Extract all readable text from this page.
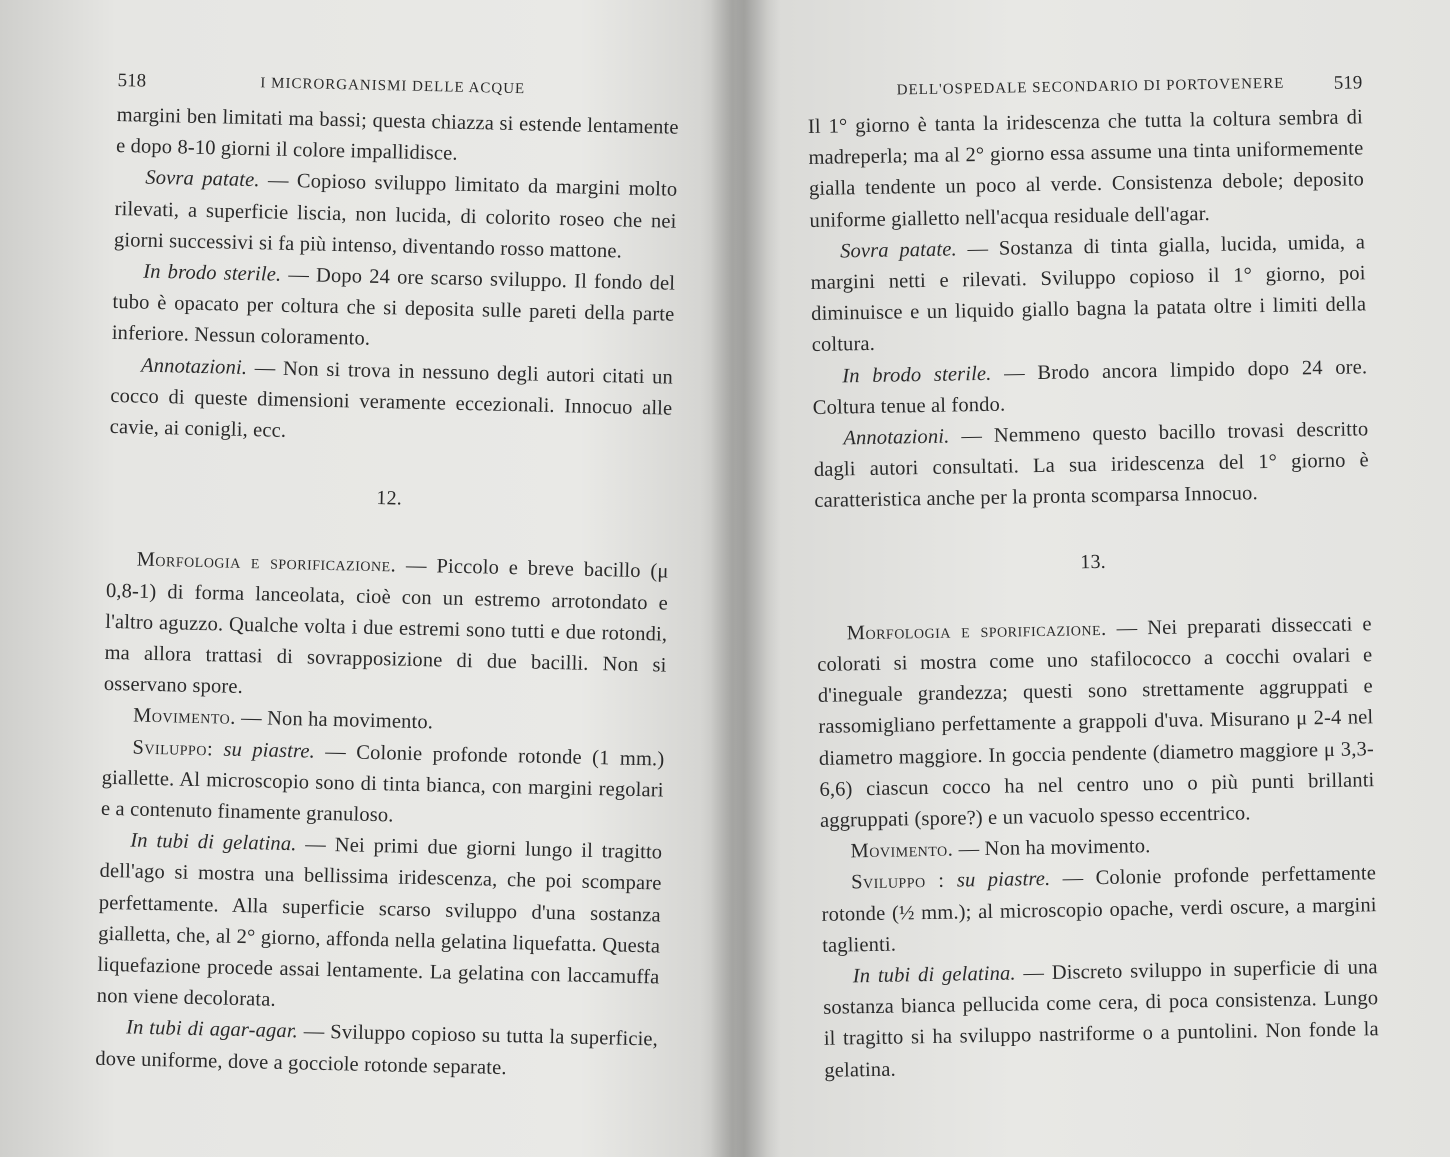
518	I MICRORGANISMI DELLE ACQUE

margini ben limitati ma bassi; questa chiazza si estende lentamente e dopo 8-10 giorni il colore impallidisce.

Sovra patate. — Copioso sviluppo limitato da margini molto rilevati, a superficie liscia, non lucida, di colorito roseo che nei giorni successivi si fa più intenso, diventando rosso mattone.

In brodo sterile. — Dopo 24 ore scarso sviluppo. Il fondo del tubo è opacato per coltura che si deposita sulle pareti della parte inferiore. Nessun coloramento.

Annotazioni. — Non si trova in nessuno degli autori citati un cocco di queste dimensioni veramente eccezionali. Innocuo alle cavie, ai conigli, ecc.

12.

Morfologia e sporificazione. — Piccolo e breve bacillo (μ 0,8-1) di forma lanceolata, cioè con un estremo arrotondato e l'altro aguzzo. Qualche volta i due estremi sono tutti e due rotondi, ma allora trattasi di sovrapposizione di due bacilli. Non si osservano spore.

Movimento. — Non ha movimento.

Sviluppo: su piastre. — Colonie profonde rotonde (1 mm.) giallette. Al microscopio sono di tinta bianca, con margini regolari e a contenuto finamente granuloso.

In tubi di gelatina. — Nei primi due giorni lungo il tragitto dell'ago si mostra una bellissima iridescenza, che poi scompare perfettamente. Alla superficie scarso sviluppo d'una sostanza gialletta, che, al 2° giorno, affonda nella gelatina liquefatta. Questa liquefazione procede assai lentamente. La gelatina con laccamuffa non viene decolorata.

In tubi di agar-agar. — Sviluppo copioso su tutta la superficie, dove uniforme, dove a gocciole rotonde separate.

DELL'OSPEDALE SECONDARIO DI PORTOVENERE	519

Il 1° giorno è tanta la iridescenza che tutta la coltura sembra di madreperla; ma al 2° giorno essa assume una tinta uniformemente gialla tendente un poco al verde. Consistenza debole; deposito uniforme gialletto nell'acqua residuale dell'agar.

Sovra patate. — Sostanza di tinta gialla, lucida, umida, a margini netti e rilevati. Sviluppo copioso il 1° giorno, poi diminuisce e un liquido giallo bagna la patata oltre i limiti della coltura.

In brodo sterile. — Brodo ancora limpido dopo 24 ore. Coltura tenue al fondo.

Annotazioni. — Nemmeno questo bacillo trovasi descritto dagli autori consultati. La sua iridescenza del 1° giorno è caratteristica anche per la pronta scomparsa Innocuo.

13.

Morfologia e sporificazione. — Nei preparati disseccati e colorati si mostra come uno stafilococco a cocchi ovalari e d'ineguale grandezza; questi sono strettamente aggruppati e rassomigliano perfettamente a grappoli d'uva. Misurano μ 2-4 nel diametro maggiore. In goccia pendente (diametro maggiore μ 3,3-6,6) ciascun cocco ha nel centro uno o più punti brillanti aggruppati (spore?) e un vacuolo spesso eccentrico.

Movimento. — Non ha movimento.

Sviluppo : su piastre. — Colonie profonde perfettamente rotonde (½ mm.); al microscopio opache, verdi oscure, a margini taglienti.

In tubi di gelatina. — Discreto sviluppo in superficie di una sostanza bianca pellucida come cera, di poca consistenza. Lungo il tragitto si ha sviluppo nastriforme o a puntolini. Non fonde la gelatina.
